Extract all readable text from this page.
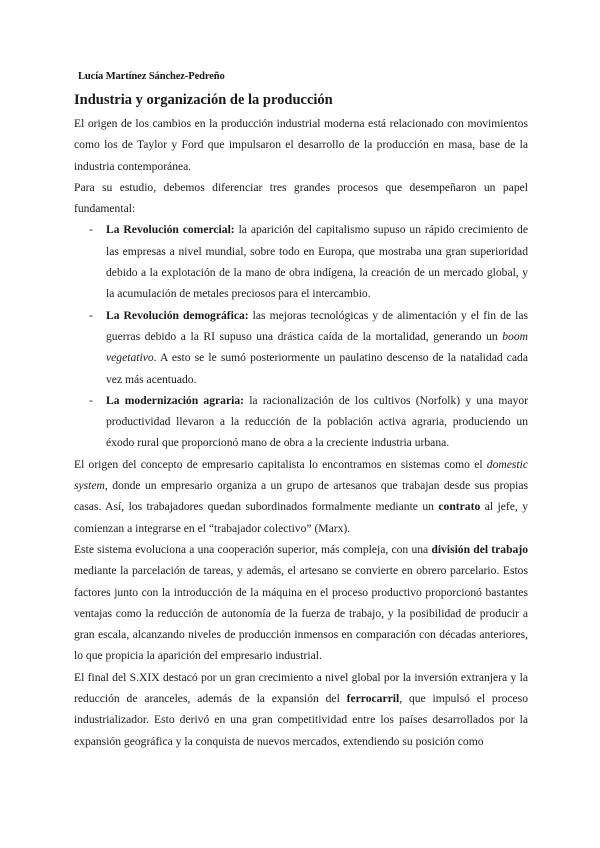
Lucía Martínez Sánchez-Pedreño
Industria y organización de la producción

El origen de los cambios en la producción industrial moderna está relacionado con movimientos como los de Taylor y Ford que impulsaron el desarrollo de la producción en masa, base de la industria contemporánea.

Para su estudio, debemos diferenciar tres grandes procesos que desempeñaron un papel fundamental:

- La Revolución comercial: la aparición del capitalismo supuso un rápido crecimiento de las empresas a nivel mundial, sobre todo en Europa, que mostraba una gran superioridad debido a la explotación de la mano de obra indígena, la creación de un mercado global, y la acumulación de metales preciosos para el intercambio.
- La Revolución demográfica: las mejoras tecnológicas y de alimentación y el fin de las guerras debido a la RI supuso una drástica caída de la mortalidad, generando un boom vegetativo. A esto se le sumó posteriormente un paulatino descenso de la natalidad cada vez más acentuado.
- La modernización agraria: la racionalización de los cultivos (Norfolk) y una mayor productividad llevaron a la reducción de la población activa agraria, produciendo un éxodo rural que proporcionó mano de obra a la creciente industria urbana.

El origen del concepto de empresario capitalista lo encontramos en sistemas como el domestic system, donde un empresario organiza a un grupo de artesanos que trabajan desde sus propias casas. Así, los trabajadores quedan subordinados formalmente mediante un contrato al jefe, y comienzan a integrarse en el “trabajador colectivo” (Marx).

Este sistema evoluciona a una cooperación superior, más compleja, con una división del trabajo mediante la parcelación de tareas, y además, el artesano se convierte en obrero parcelario. Estos factores junto con la introducción de la máquina en el proceso productivo proporcionó bastantes ventajas como la reducción de autonomía de la fuerza de trabajo, y la posibilidad de producir a gran escala, alcanzando niveles de producción inmensos en comparación con décadas anteriores, lo que propicia la aparición del empresario industrial.

El final del S.XIX destacó por un gran crecimiento a nivel global por la inversión extranjera y la reducción de aranceles, además de la expansión del ferrocarril, que impulsó el proceso industrializador. Esto derivó en una gran competitividad entre los países desarrollados por la expansión geográfica y la conquista de nuevos mercados, extendiendo su posición como
